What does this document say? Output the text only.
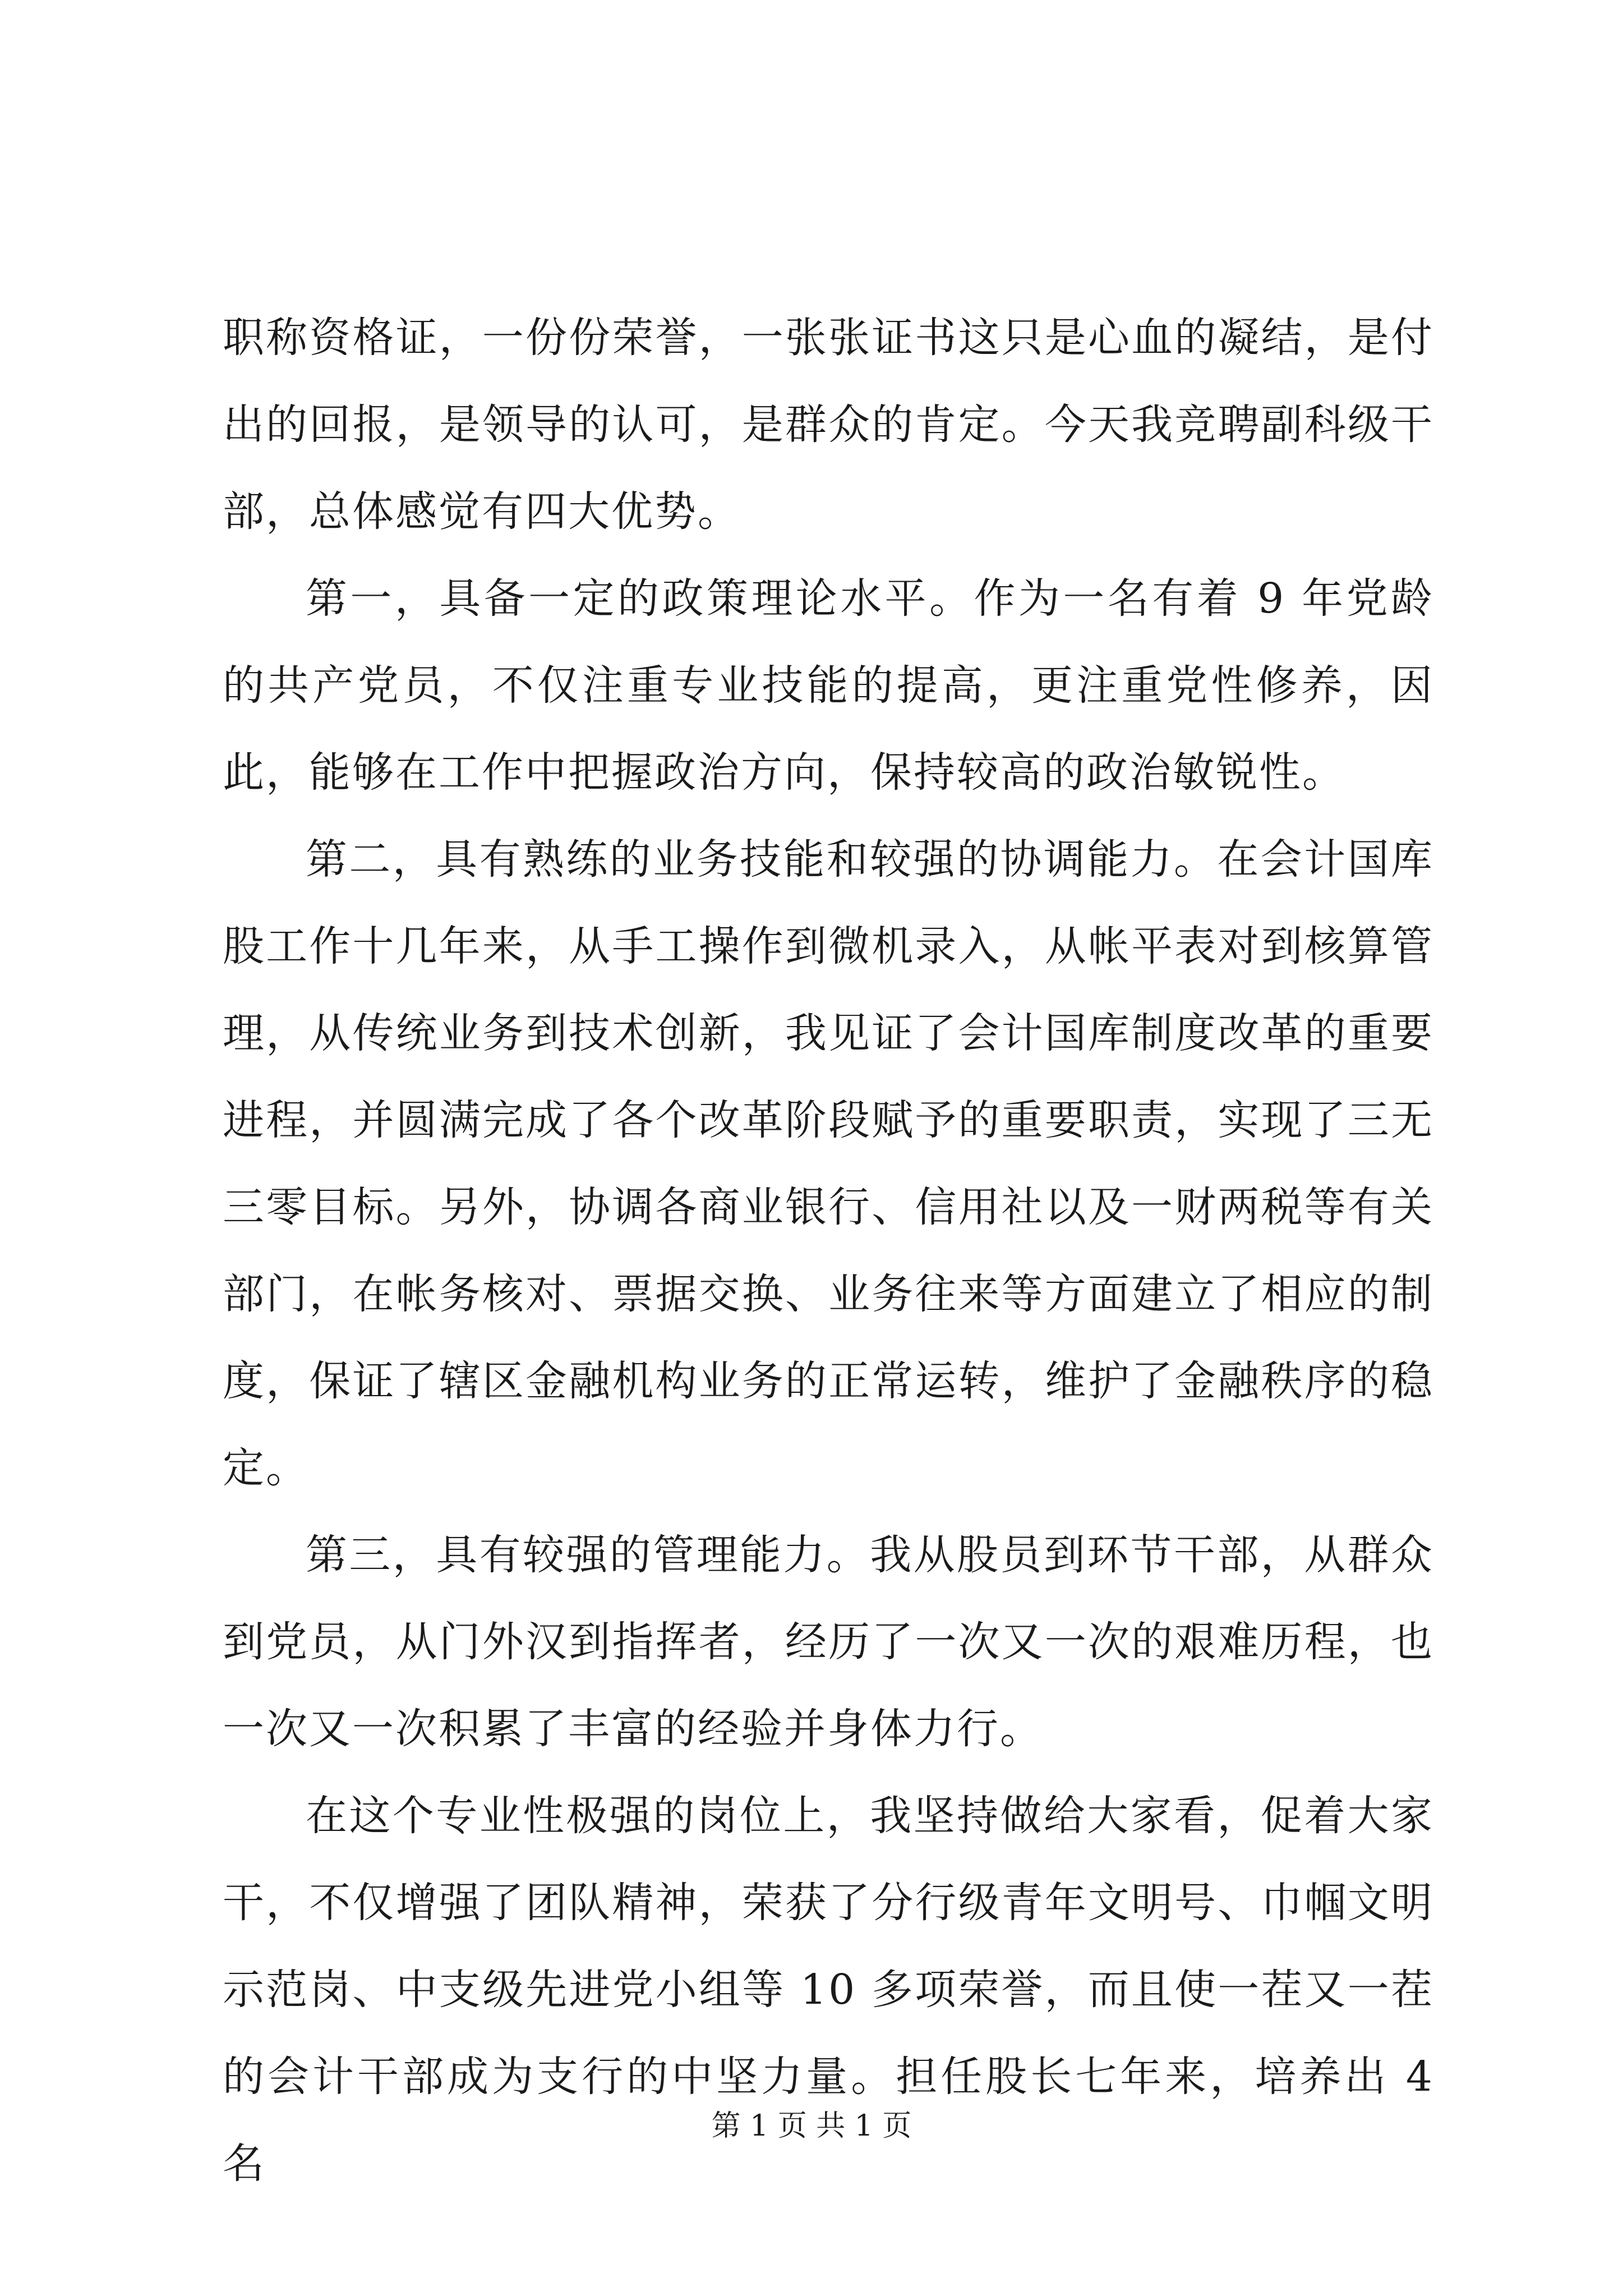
职称资格证，一份份荣誉，一张张证书这只是心血的凝结，是付出的回报，是领导的认可，是群众的肯定。今天我竞聘副科级干部，总体感觉有四大优势。

第一，具备一定的政策理论水平。作为一名有着 9 年党龄的共产党员，不仅注重专业技能的提高，更注重党性修养，因此，能够在工作中把握政治方向，保持较高的政治敏锐性。

第二，具有熟练的业务技能和较强的协调能力。在会计国库股工作十几年来，从手工操作到微机录入，从帐平表对到核算管理，从传统业务到技术创新，我见证了会计国库制度改革的重要进程，并圆满完成了各个改革阶段赋予的重要职责，实现了三无三零目标。另外，协调各商业银行、信用社以及一财两税等有关部门，在帐务核对、票据交换、业务往来等方面建立了相应的制度，保证了辖区金融机构业务的正常运转，维护了金融秩序的稳定。

第三，具有较强的管理能力。我从股员到环节干部，从群众到党员，从门外汉到指挥者，经历了一次又一次的艰难历程，也一次又一次积累了丰富的经验并身体力行。

在这个专业性极强的岗位上，我坚持做给大家看，促着大家干，不仅增强了团队精神，荣获了分行级青年文明号、巾帼文明示范岗、中支级先进党小组等 10 多项荣誉，而且使一茬又一茬的会计干部成为支行的中坚力量。担任股长七年来，培养出 4 名

第 1 页 共 1 页
